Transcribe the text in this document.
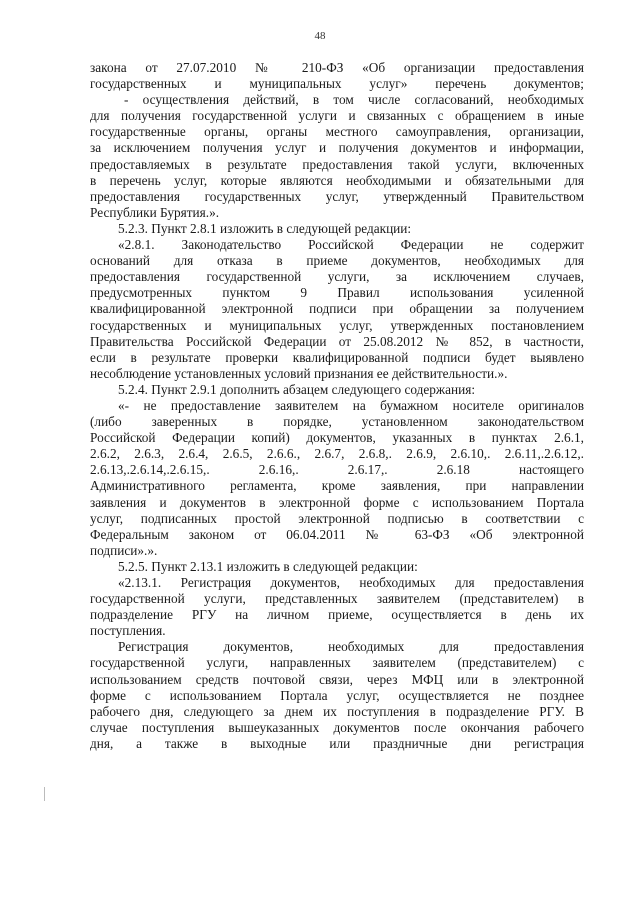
48
закона от 27.07.2010 № 210-ФЗ «Об организации предоставления
государственных и муниципальных услуг» перечень документов;
- осуществления действий, в том числе согласований, необходимых
для получения государственной услуги и связанных с обращением в иные
государственные органы, органы местного самоуправления, организации,
за исключением получения услуг и получения документов и информации,
предоставляемых в результате предоставления такой услуги, включенных
в перечень услуг, которые являются необходимыми и обязательными для
предоставления государственных услуг, утвержденный Правительством
Республики Бурятия.».
5.2.3. Пункт 2.8.1 изложить в следующей редакции:
«2.8.1. Законодательство Российской Федерации не содержит
оснований для отказа в приеме документов, необходимых для
предоставления государственной услуги, за исключением случаев,
предусмотренных пунктом 9 Правил использования усиленной
квалифицированной электронной подписи при обращении за получением
государственных и муниципальных услуг, утвержденных постановлением
Правительства Российской Федерации от 25.08.2012 № 852, в частности,
если в результате проверки квалифицированной подписи будет выявлено
несоблюдение установленных условий признания ее действительности.».
5.2.4. Пункт 2.9.1 дополнить абзацем следующего содержания:
«- не предоставление заявителем на бумажном носителе оригиналов
(либо заверенных в порядке, установленном законодательством
Российской Федерации копий) документов, указанных в пунктах 2.6.1,
2.6.2, 2.6.3, 2.6.4, 2.6.5, 2.6.6., 2.6.7, 2.6.8,. 2.6.9, 2.6.10,. 2.6.11,.2.6.12,.
2.6.13,.2.6.14,.2.6.15,. 2.6.16,. 2.6.17,. 2.6.18 настоящего
Административного регламента, кроме заявления, при направлении
заявления и документов в электронной форме с использованием Портала
услуг, подписанных простой электронной подписью в соответствии с
Федеральным законом от 06.04.2011 № 63-ФЗ «Об электронной
подписи».».
5.2.5. Пункт 2.13.1 изложить в следующей редакции:
«2.13.1. Регистрация документов, необходимых для предоставления
государственной услуги, представленных заявителем (представителем) в
подразделение РГУ на личном приеме, осуществляется в день их
поступления.
Регистрация документов, необходимых для предоставления
государственной услуги, направленных заявителем (представителем) с
использованием средств почтовой связи, через МФЦ или в электронной
форме с использованием Портала услуг, осуществляется не позднее
рабочего дня, следующего за днем их поступления в подразделение РГУ. В
случае поступления вышеуказанных документов после окончания рабочего
дня, а также в выходные или праздничные дни регистрация
